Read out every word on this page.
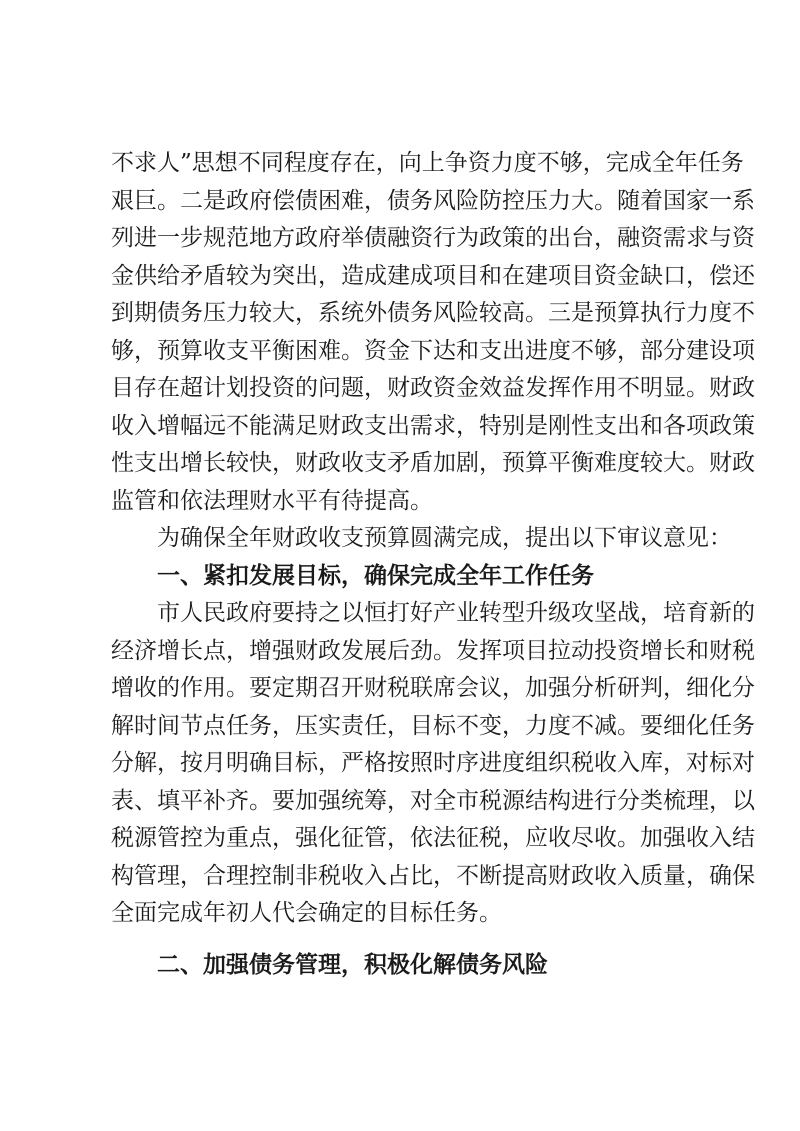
不求人”思想不同程度存在，向上争资力度不够，完成全年任务
艰巨。二是政府偿债困难，债务风险防控压力大。随着国家一系
列进一步规范地方政府举债融资行为政策的出台，融资需求与资
金供给矛盾较为突出，造成建成项目和在建项目资金缺口，偿还
到期债务压力较大，系统外债务风险较高。三是预算执行力度不
够，预算收支平衡困难。资金下达和支出进度不够，部分建设项
目存在超计划投资的问题，财政资金效益发挥作用不明显。财政
收入增幅远不能满足财政支出需求，特别是刚性支出和各项政策
性支出增长较快，财政收支矛盾加剧，预算平衡难度较大。财政
监管和依法理财水平有待提高。
为确保全年财政收支预算圆满完成，提出以下审议意见：
一、紧扣发展目标，确保完成全年工作任务
市人民政府要持之以恒打好产业转型升级攻坚战，培育新的
经济增长点，增强财政发展后劲。发挥项目拉动投资增长和财税
增收的作用。要定期召开财税联席会议，加强分析研判，细化分
解时间节点任务，压实责任，目标不变，力度不减。要细化任务
分解，按月明确目标，严格按照时序进度组织税收入库，对标对
表、填平补齐。要加强统筹，对全市税源结构进行分类梳理，以
税源管控为重点，强化征管，依法征税，应收尽收。加强收入结
构管理，合理控制非税收入占比，不断提高财政收入质量，确保
全面完成年初人代会确定的目标任务。
二、加强债务管理，积极化解债务风险
